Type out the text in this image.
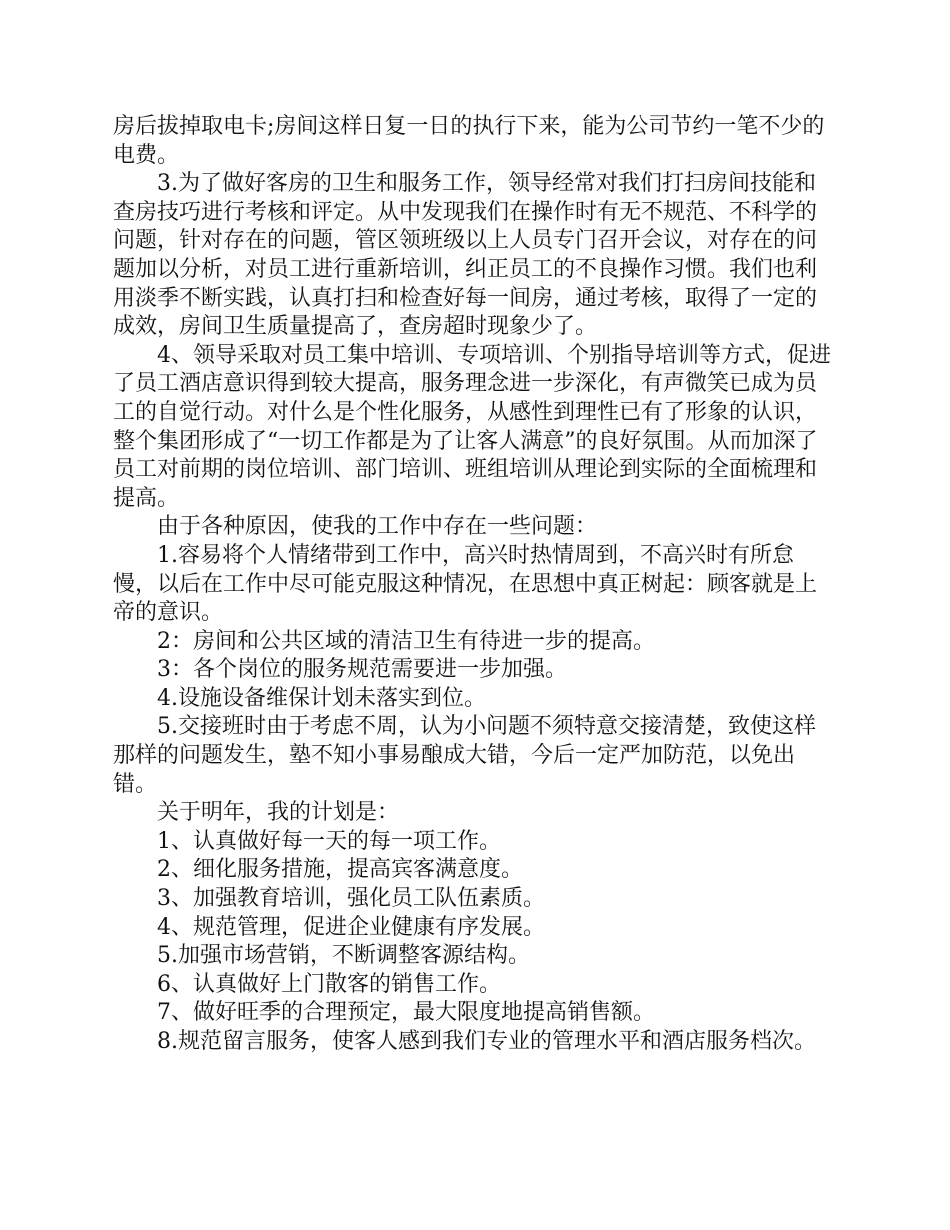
房后拔掉取电卡;房间这样日复一日的执行下来，能为公司节约一笔不少的电费。

3.为了做好客房的卫生和服务工作，领导经常对我们打扫房间技能和查房技巧进行考核和评定。从中发现我们在操作时有无不规范、不科学的问题，针对存在的问题，管区领班级以上人员专门召开会议，对存在的问题加以分析，对员工进行重新培训，纠正员工的不良操作习惯。我们也利用淡季不断实践，认真打扫和检查好每一间房，通过考核，取得了一定的成效，房间卫生质量提高了，查房超时现象少了。

4、领导采取对员工集中培训、专项培训、个别指导培训等方式，促进了员工酒店意识得到较大提高，服务理念进一步深化，有声微笑已成为员工的自觉行动。对什么是个性化服务，从感性到理性已有了形象的认识，整个集团形成了“一切工作都是为了让客人满意”的良好氛围。从而加深了员工对前期的岗位培训、部门培训、班组培训从理论到实际的全面梳理和提高。

由于各种原因，使我的工作中存在一些问题：

1.容易将个人情绪带到工作中，高兴时热情周到，不高兴时有所怠慢，以后在工作中尽可能克服这种情况，在思想中真正树起：顾客就是上帝的意识。

2：房间和公共区域的清洁卫生有待进一步的提高。

3：各个岗位的服务规范需要进一步加强。

4.设施设备维保计划未落实到位。

5.交接班时由于考虑不周，认为小问题不须特意交接清楚，致使这样那样的问题发生，塾不知小事易酿成大错，今后一定严加防范，以免出错。

关于明年，我的计划是：

1、认真做好每一天的每一项工作。

2、细化服务措施，提高宾客满意度。

3、加强教育培训，强化员工队伍素质。

4、规范管理，促进企业健康有序发展。

5.加强市场营销，不断调整客源结构。

6、认真做好上门散客的销售工作。

7、做好旺季的合理预定，最大限度地提高销售额。

8.规范留言服务，使客人感到我们专业的管理水平和酒店服务档次。
